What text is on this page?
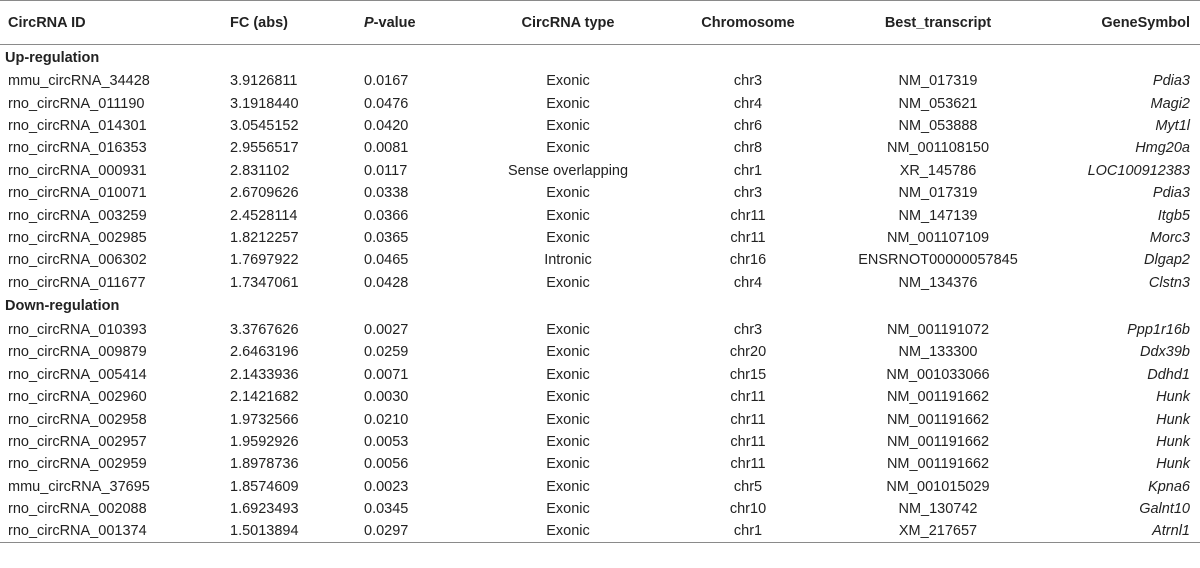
CircRNA ID	FC (abs)	P-value	CircRNA type	Chromosome	Best_transcript	GeneSymbol
Up-regulation						
mmu_circRNA_34428	3.9126811	0.0167	Exonic	chr3	NM_017319	Pdia3
rno_circRNA_011190	3.1918440	0.0476	Exonic	chr4	NM_053621	Magi2
rno_circRNA_014301	3.0545152	0.0420	Exonic	chr6	NM_053888	Myt1l
rno_circRNA_016353	2.9556517	0.0081	Exonic	chr8	NM_001108150	Hmg20a
rno_circRNA_000931	2.831102	0.0117	Sense overlapping	chr1	XR_145786	LOC100912383
rno_circRNA_010071	2.6709626	0.0338	Exonic	chr3	NM_017319	Pdia3
rno_circRNA_003259	2.4528114	0.0366	Exonic	chr11	NM_147139	Itgb5
rno_circRNA_002985	1.8212257	0.0365	Exonic	chr11	NM_001107109	Morc3
rno_circRNA_006302	1.7697922	0.0465	Intronic	chr16	ENSRNOT00000057845	Dlgap2
rno_circRNA_011677	1.7347061	0.0428	Exonic	chr4	NM_134376	Clstn3
Down-regulation						
rno_circRNA_010393	3.3767626	0.0027	Exonic	chr3	NM_001191072	Ppp1r16b
rno_circRNA_009879	2.6463196	0.0259	Exonic	chr20	NM_133300	Ddx39b
rno_circRNA_005414	2.1433936	0.0071	Exonic	chr15	NM_001033066	Ddhd1
rno_circRNA_002960	2.1421682	0.0030	Exonic	chr11	NM_001191662	Hunk
rno_circRNA_002958	1.9732566	0.0210	Exonic	chr11	NM_001191662	Hunk
rno_circRNA_002957	1.9592926	0.0053	Exonic	chr11	NM_001191662	Hunk
rno_circRNA_002959	1.8978736	0.0056	Exonic	chr11	NM_001191662	Hunk
mmu_circRNA_37695	1.8574609	0.0023	Exonic	chr5	NM_001015029	Kpna6
rno_circRNA_002088	1.6923493	0.0345	Exonic	chr10	NM_130742	Galnt10
rno_circRNA_001374	1.5013894	0.0297	Exonic	chr1	XM_217657	Atrnl1
